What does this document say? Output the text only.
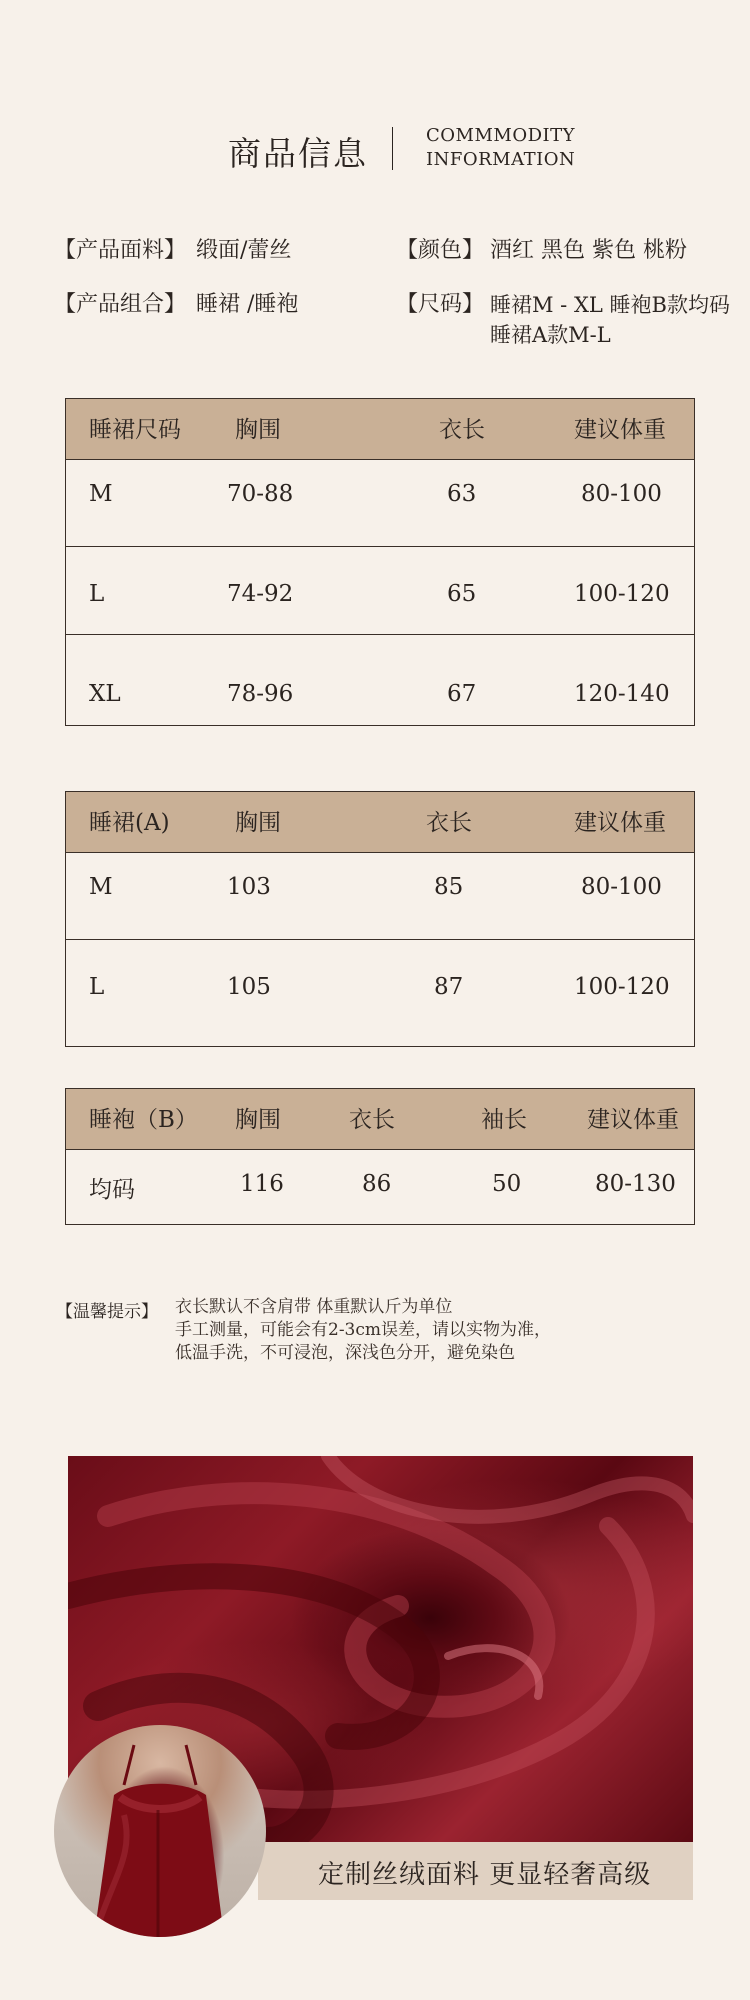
商品信息	COMMMODITY
INFORMATION
【产品面料】 缎面/蕾丝	【颜色】 酒红 黑色 紫色 桃粉
【产品组合】 睡裙 /睡袍	【尺码】 睡裙M - XL 睡袍B款均码
睡裙A款M-L
睡裙尺码 胸围	衣长	建议体重
M	70-88	63	80-100
L	74-92	65	100-120
XL	78-96	67	120-140
睡裙(A)	胸围	衣长	建议体重
M	103	85	80-100
L	105	87	100-120
睡袍（B） 胸围	衣长	袖长	建议体重
均码	116	86	50	80-130
【温馨提示】 衣长默认不含肩带 体重默认斤为单位
手工测量，可能会有2-3cm误差，请以实物为准，
低温手洗，不可浸泡，深浅色分开，避免染色
定制丝绒面料 更显轻奢高级
